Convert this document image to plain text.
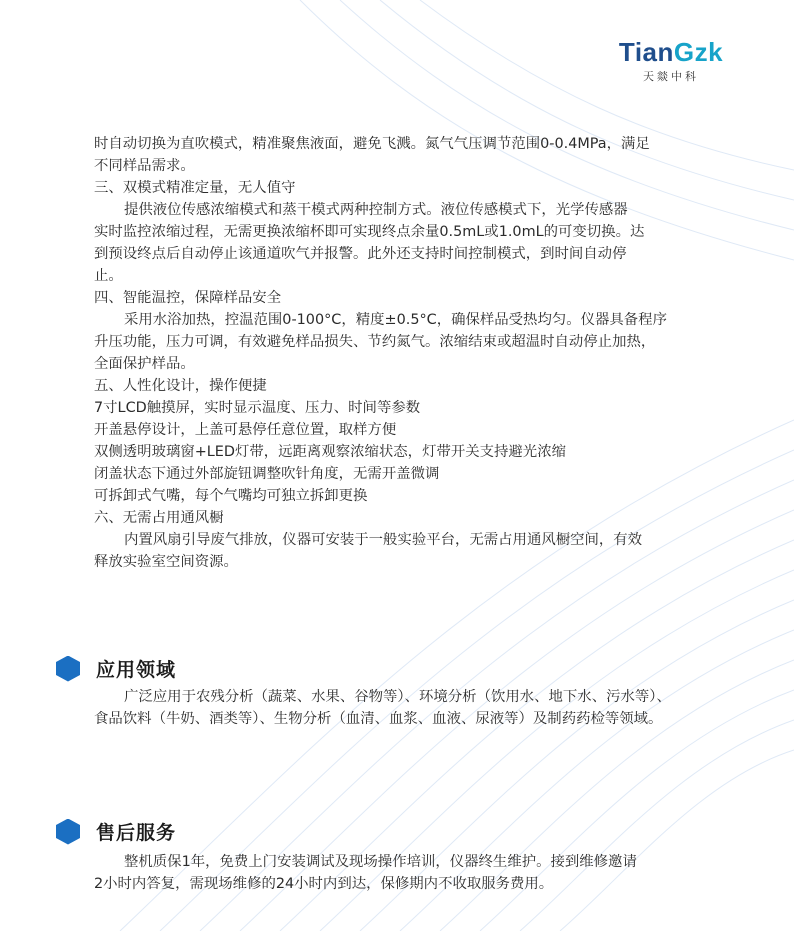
TianGzk
天燚中科
时自动切换为直吹模式，精准聚焦液面，避免飞溅。氮气气压调节范围0-0.4MPa，满足
不同样品需求。
三、双模式精准定量，无人值守
提供液位传感浓缩模式和蒸干模式两种控制方式。液位传感模式下，光学传感器
实时监控浓缩过程，无需更换浓缩杯即可实现终点余量0.5mL或1.0mL的可变切换。达
到预设终点后自动停止该通道吹气并报警。此外还支持时间控制模式，到时间自动停
止。
四、智能温控，保障样品安全
采用水浴加热，控温范围0-100°C，精度±0.5°C，确保样品受热均匀。仪器具备程序
升压功能，压力可调，有效避免样品损失、节约氮气。浓缩结束或超温时自动停止加热，
全面保护样品。
五、人性化设计，操作便捷
7寸LCD触摸屏，实时显示温度、压力、时间等参数
开盖悬停设计，上盖可悬停任意位置，取样方便
双侧透明玻璃窗+LED灯带，远距离观察浓缩状态，灯带开关支持避光浓缩
闭盖状态下通过外部旋钮调整吹针角度，无需开盖微调
可拆卸式气嘴，每个气嘴均可独立拆卸更换
六、无需占用通风橱
内置风扇引导废气排放，仪器可安装于一般实验平台，无需占用通风橱空间，有效
释放实验室空间资源。
应用领域
广泛应用于农残分析（蔬菜、水果、谷物等）、环境分析（饮用水、地下水、污水等）、
食品饮料（牛奶、酒类等）、生物分析（血清、血浆、血液、尿液等）及制药药检等领域。
售后服务
整机质保1年，免费上门安装调试及现场操作培训，仪器终生维护。接到维修邀请
2小时内答复，需现场维修的24小时内到达，保修期内不收取服务费用。
